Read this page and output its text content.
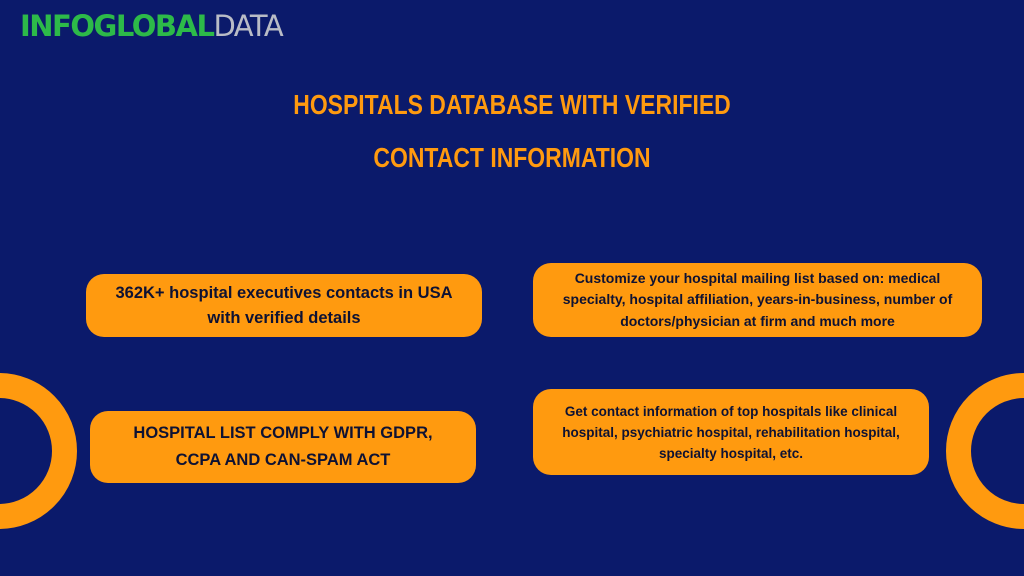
INFOGLOBALDATA
HOSPITALS DATABASE WITH VERIFIED
CONTACT INFORMATION
362K+ hospital executives contacts in USA
with verified details
Customize your hospital mailing list based on: medical
specialty, hospital affiliation, years-in-business, number of
doctors/physician at firm and much more
HOSPITAL LIST COMPLY WITH GDPR,
CCPA AND CAN-SPAM ACT
Get contact information of top hospitals like clinical
hospital, psychiatric hospital, rehabilitation hospital,
specialty hospital, etc.
